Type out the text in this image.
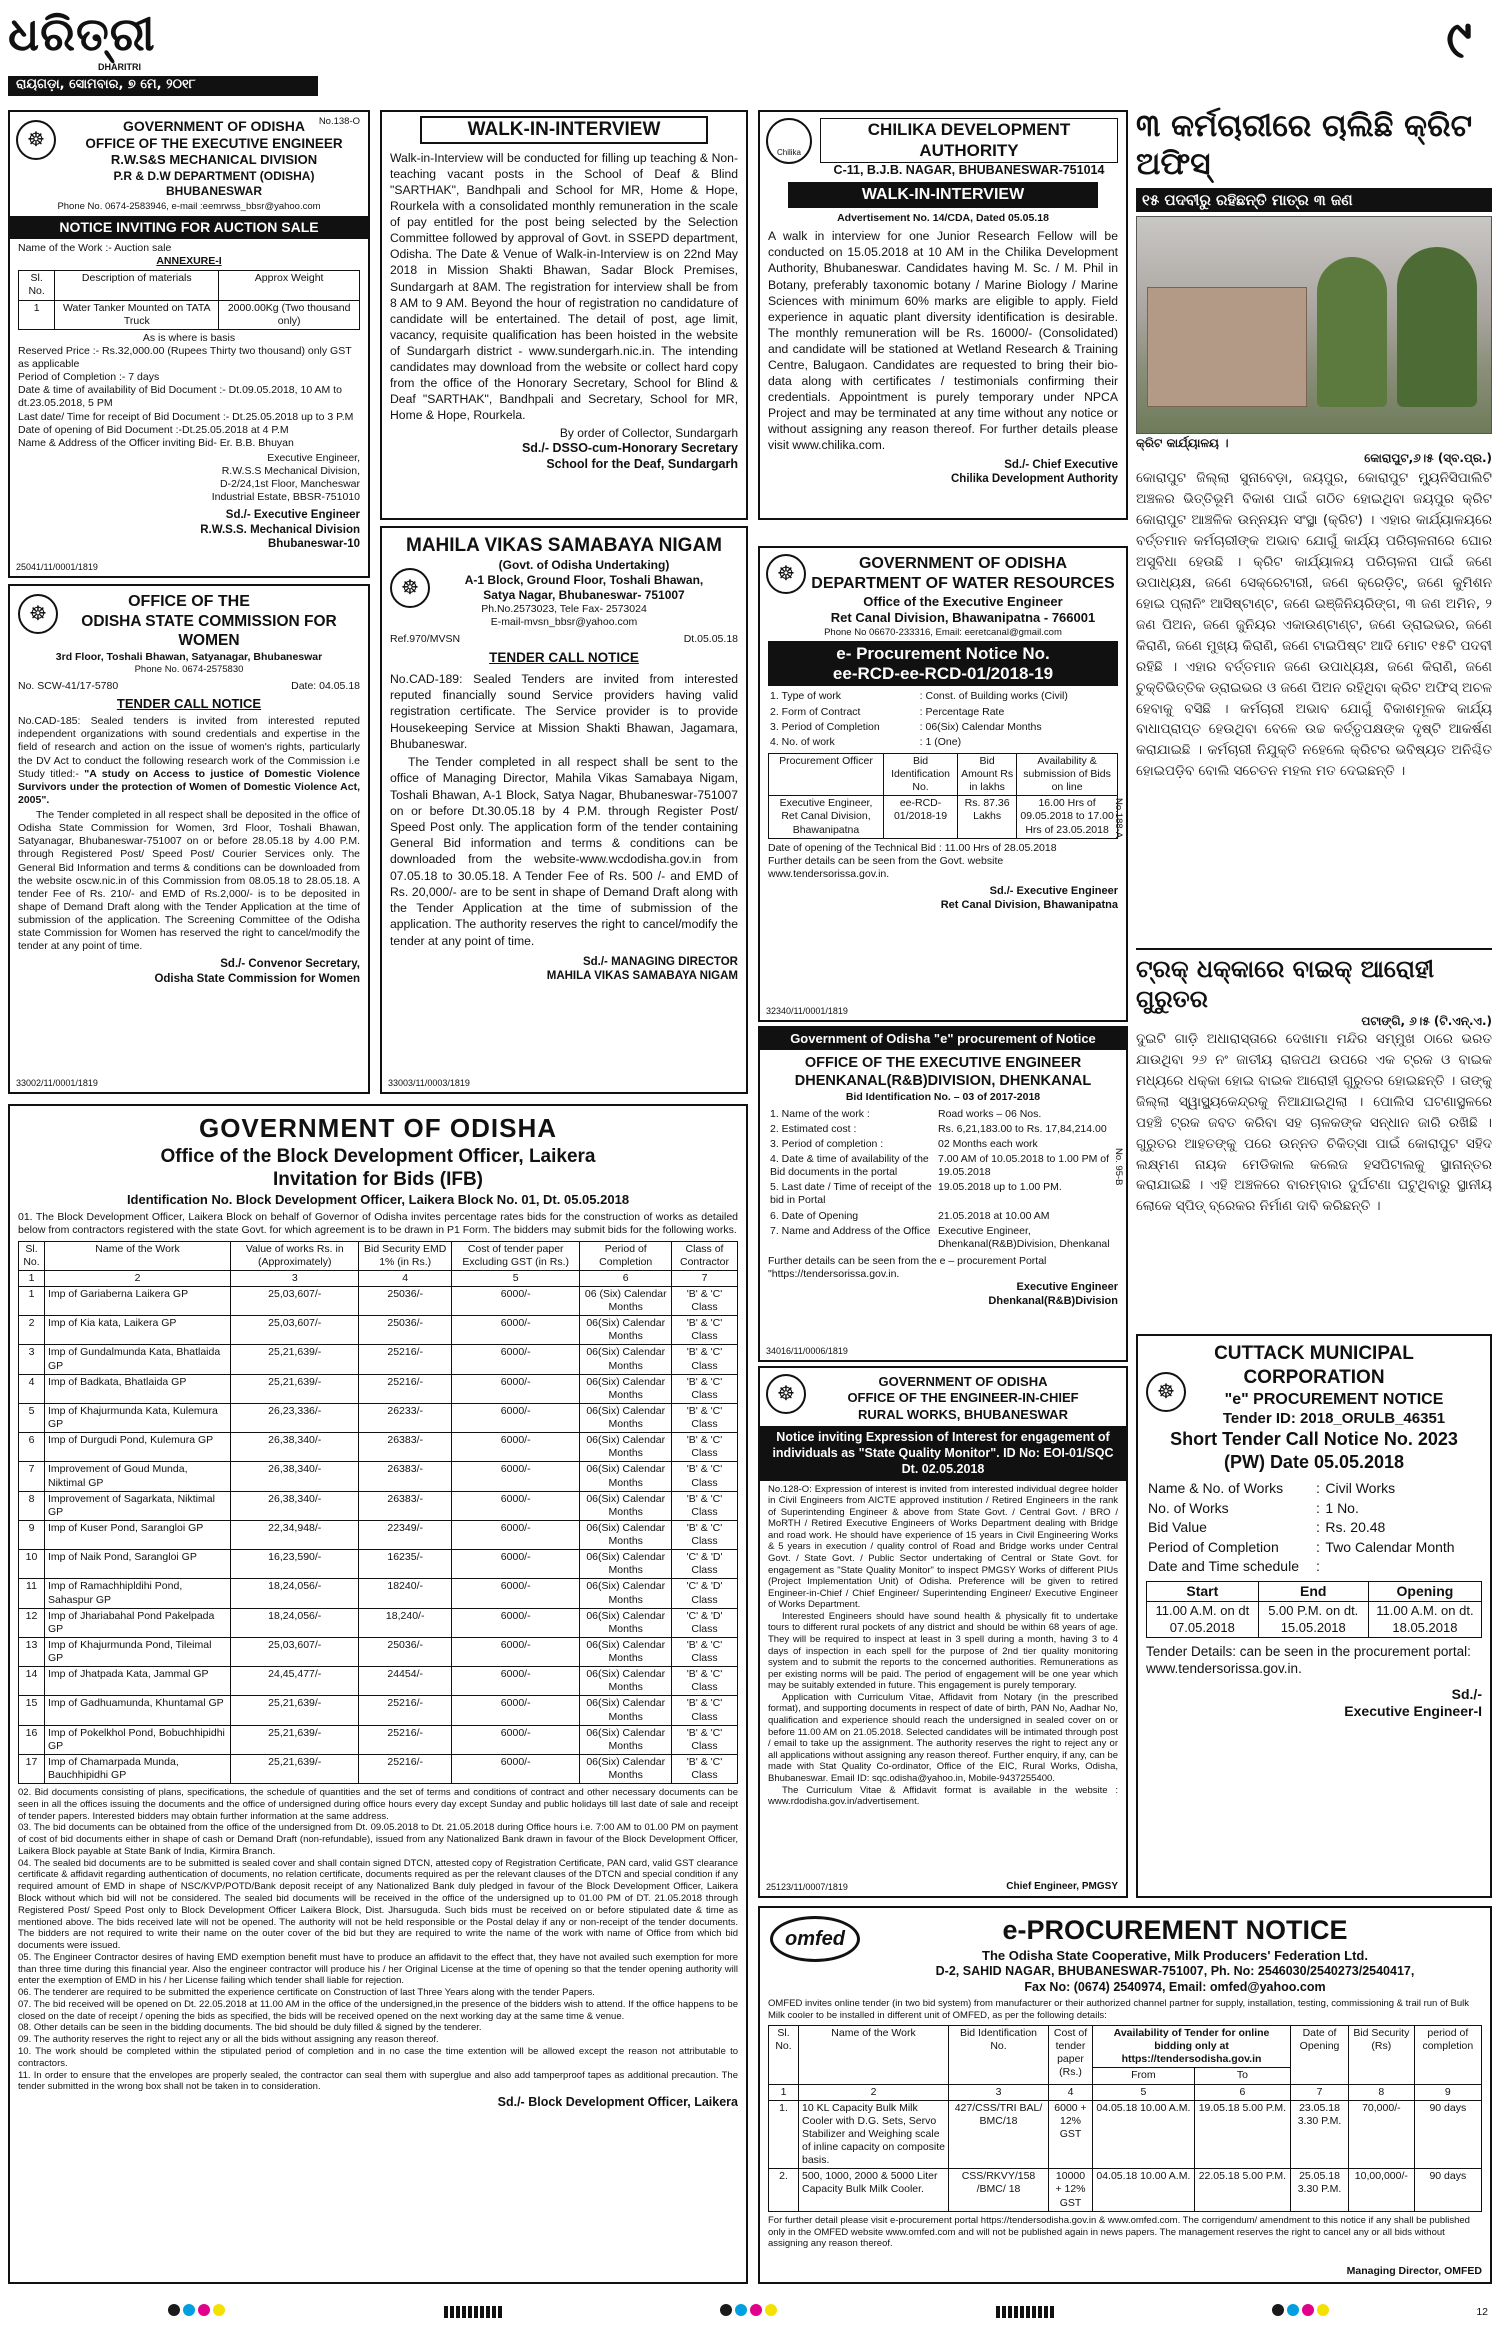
ଧରିତ୍ରୀ
DHARITRI
ରାୟଗଡ଼ା, ସୋମବାର, ୭ ମେ, ୨୦୧୮
୯
☸
No.138-O
GOVERNMENT OF ODISHA
OFFICE OF THE EXECUTIVE ENGINEER
R.W.S&S MECHANICAL DIVISION
P.R & D.W DEPARTMENT (ODISHA) BHUBANESWAR
Phone No. 0674-2583946, e-mail :eemrwss_bbsr@yahoo.com
NOTICE INVITING FOR AUCTION SALE
Name of the Work :- Auction sale
ANNEXURE-I
Sl. No.	Description of materials	Approx Weight
1	Water Tanker Mounted on TATA Truck	2000.00Kg (Two thousand only)
As is where is basis
Reserved Price :- Rs.32,000.00 (Rupees Thirty two thousand) only GST as applicable
Period of Completion :- 7 days
Date & time of availability of Bid Document :- Dt.09.05.2018, 10 AM to dt.23.05.2018, 5 PM
Last date/ Time for receipt of Bid Document :- Dt.25.05.2018 up to 3 P.M
Date of opening of Bid Document :-Dt.25.05.2018 at 4 P.M
Name & Address of the Officer inviting Bid- Er. B.B. Bhuyan
Executive Engineer,
R.W.S.S Mechanical Division,
D-2/24,1st Floor, Mancheswar
Industrial Estate, BBSR-751010
Sd./- Executive Engineer
R.W.S.S. Mechanical Division
Bhubaneswar-10
25041/11/0001/1819
☸
OFFICE OF THE
ODISHA STATE COMMISSION FOR WOMEN
3rd Floor, Toshali Bhawan, Satyanagar, Bhubaneswar
Phone No. 0674-2575830
No. SCW-41/17-5780	Date: 04.05.18
TENDER CALL NOTICE
No.CAD-185: Sealed tenders is invited from interested reputed independent organizations with sound credentials and expertise in the field of research and action on the issue of women's rights, particularly the DV Act to conduct the following research work of the Commission i.e Study titled:- "A study on Access to justice of Domestic Violence Survivors under the protection of Women of Domestic Violence Act, 2005".
The Tender completed in all respect shall be deposited in the office of Odisha State Commission for Women, 3rd Floor, Toshali Bhawan, Satyanagar, Bhubaneswar-751007 on or before 28.05.18 by 4.00 P.M. through Registered Post/ Speed Post/ Courier Services only. The General Bid Information and terms & conditions can be downloaded from the website oscw.nic.in of this Commission from 08.05.18 to 28.05.18. A tender Fee of Rs. 210/- and EMD of Rs.2,000/- is to be deposited in shape of Demand Draft along with the Tender Application at the time of submission of the application. The Screening Committee of the Odisha state Commission for Women has reserved the right to cancel/modify the tender at any point of time.
Sd./- Convenor Secretary,
Odisha State Commission for Women
33002/11/0001/1819
WALK-IN-INTERVIEW
Walk-in-Interview will be conducted for filling up teaching & Non-teaching vacant posts in the School of Deaf & Blind "SARTHAK", Bandhpali and School for MR, Home & Hope, Rourkela with a consolidated monthly remuneration in the scale of pay entitled for the post being selected by the Selection Committee followed by approval of Govt. in SSEPD department, Odisha. The Date & Venue of Walk-in-Interview is on 22nd May 2018 in Mission Shakti Bhawan, Sadar Block Premises, Sundargarh at 8AM. The registration for interview shall be from 8 AM to 9 AM. Beyond the hour of registration no candidature of candidate will be entertained. The detail of post, age limit, vacancy, requisite qualification has been hoisted in the website of Sundargarh district - www.sundergarh.nic.in. The intending candidates may download from the website or collect hard copy from the office of the Honorary Secretary, School for Blind & Deaf "SARTHAK", Bandhpali and Secretary, School for MR, Home & Hope, Rourkela.
By order of Collector, Sundargarh
Sd./- DSSO-cum-Honorary Secretary
School for the Deaf, Sundargarh
MAHILA VIKAS SAMABAYA NIGAM
☸
(Govt. of Odisha Undertaking)
A-1 Block, Ground Floor, Toshali Bhawan,
Satya Nagar, Bhubaneswar- 751007
Ph.No.2573023, Tele Fax- 2573024
E-mail-mvsn_bbsr@yahoo.com
Ref.970/MVSN	Dt.05.05.18
TENDER CALL NOTICE
No.CAD-189: Sealed Tenders are invited from interested reputed financially sound Service providers having valid registration certificate. The Service provider is to provide Housekeeping Service at Mission Shakti Bhawan, Jagamara, Bhubaneswar.
The Tender completed in all respect shall be sent to the office of Managing Director, Mahila Vikas Samabaya Nigam, Toshali Bhawan, A-1 Block, Satya Nagar, Bhubaneswar-751007 on or before Dt.30.05.18 by 4 P.M. through Register Post/ Speed Post only. The application form of the tender containing General Bid information and terms & conditions can be downloaded from the website-www.wcdodisha.gov.in from 07.05.18 to 30.05.18. A Tender Fee of Rs. 500 /- and EMD of Rs. 20,000/- are to be sent in shape of Demand Draft along with the Tender Application at the time of submission of the application. The authority reserves the right to cancel/modify the tender at any point of time.
Sd./- MANAGING DIRECTOR
MAHILA VIKAS SAMABAYA NIGAM
33003/11/0003/1819
Chilika
CHILIKA DEVELOPMENT AUTHORITY
C-11, B.J.B. NAGAR, BHUBANESWAR-751014
WALK-IN-INTERVIEW
Advertisement No. 14/CDA, Dated 05.05.18
A walk in interview for one Junior Research Fellow will be conducted on 15.05.2018 at 10 AM in the Chilika Development Authority, Bhubaneswar. Candidates having M. Sc. / M. Phil in Botany, preferably taxonomic botany / Marine Biology / Marine Sciences with minimum 60% marks are eligible to apply. Field experience in aquatic plant diversity identification is desirable. The monthly remuneration will be Rs. 16000/- (Consolidated) and candidate will be stationed at Wetland Research & Training Centre, Balugaon. Candidates are requested to bring their bio-data along with certificates / testimonials confirming their credentials. Appointment is purely temporary under NPCA Project and may be terminated at any time without any notice or without assigning any reason thereof. For further details please visit www.chilika.com.
Sd./- Chief Executive
Chilika Development Authority
☸	GOVERNMENT OF ODISHA
DEPARTMENT OF WATER RESOURCES
Office of the Executive Engineer
Ret Canal Division, Bhawanipatna - 766001
Phone No 06670-233316, Email: eeretcanal@gmail.com
e- Procurement Notice No.
ee-RCD-ee-RCD-01/2018-19
1. Type of work	: Const. of Building works (Civil)
2. Form of Contract	: Percentage Rate
3. Period of Completion	: 06(Six) Calendar Months
4. No. of work	: 1 (One)
Procurement Officer	Bid Identification No.	Bid Amount Rs in lakhs	Availability & submission of Bids on line
Executive Engineer, Ret Canal Division, Bhawanipatna	ee-RCD-01/2018-19	Rs. 87.36 Lakhs	16.00 Hrs of 09.05.2018 to 17.00 Hrs of 23.05.2018
Date of opening of the Technical Bid : 11.00 Hrs of 28.05.2018
Further details can be seen from the Govt. website www.tendersorissa.gov.in.
Sd./- Executive Engineer
Ret Canal Division, Bhawanipatna
32340/11/0001/1819
No.188-A
Government of Odisha "e" procurement of Notice
OFFICE OF THE EXECUTIVE ENGINEER
DHENKANAL(R&B)DIVISION, DHENKANAL
Bid Identification No. – 03 of 2017-2018
1. Name of the work :	Road works – 06 Nos.
2. Estimated cost :	Rs. 6,21,183.00 to Rs. 17,84,214.00
3. Period of completion :	02 Months each work
4. Date & time of availability of the Bid documents in the portal	7.00 AM of 10.05.2018 to 1.00 PM of 19.05.2018
5. Last date / Time of receipt of the bid in Portal	19.05.2018 up to 1.00 PM.
6. Date of Opening	21.05.2018 at 10.00 AM
7. Name and Address of the Office	Executive Engineer, Dhenkanal(R&B)Division, Dhenkanal
Further details can be seen from the e – procurement Portal "https://tendersorissa.gov.in.
Executive Engineer
Dhenkanal(R&B)Division
34016/11/0006/1819
No. 95-B
☸
GOVERNMENT OF ODISHA
OFFICE OF THE ENGINEER-IN-CHIEF
RURAL WORKS, BHUBANESWAR
Notice inviting Expression of Interest for engagement of individuals as "State Quality Monitor". ID No: EOI-01/SQC Dt. 02.05.2018
No.128-O: Expression of interest is invited from interested individual degree holder in Civil Engineers from AICTE approved institution / Retired Engineers in the rank of Superintending Engineer & above from State Govt. / Central Govt. / BRO / MoRTH / Retired Executive Engineers of Works Department dealing with Bridge and road work. He should have experience of 15 years in Civil Engineering Works & 5 years in execution / quality control of Road and Bridge works under Central Govt. / State Govt. / Public Sector undertaking of Central or State Govt. for engagement as "State Quality Monitor" to inspect PMGSY Works of different PIUs (Project Implementation Unit) of Odisha. Preference will be given to retired Engineer-in-Chief / Chief Engineer/ Superintending Engineer/ Executive Engineer of Works Department.
Interested Engineers should have sound health & physically fit to undertake tours to different rural pockets of any district and should be within 68 years of age. They will be required to inspect at least in 3 spell during a month, having 3 to 4 days of inspection in each spell for the purpose of 2nd tier quality monitoring system and to submit the reports to the concerned authorities. Remunerations as per existing norms will be paid. The period of engagement will be one year which may be suitably extended in future. This engagement is purely temporary.
Application with Curriculum Vitae, Affidavit from Notary (in the prescribed format), and supporting documents in respect of date of birth, PAN No, Aadhar No, qualification and experience should reach the undersigned in sealed cover on or before 11.00 AM on 21.05.2018. Selected candidates will be intimated through post / email to take up the assignment. The authority reserves the right to reject any or all applications without assigning any reason thereof. Further enquiry, if any, can be made with Stat Quality Co-ordinator, Office of the EIC, Rural Works, Odisha, Bhubaneswar. Email ID: sqc.odisha@yahoo.in, Mobile-9437255400.
The Curriculum Vitae & Affidavit format is available in the website : www.rdodisha.gov.in/advertisement.
25123/11/0007/1819	Chief Engineer, PMGSY
୩ କର୍ମଚାରୀରେ ଚାଲିଛି କ୍ରିଟ ଅଫିସ୍‌
୧୫ ପଦବୀରୁ ରହିଛନ୍ତି ମାତ୍ର ୩ ଜଣ
କ୍ରିଟ କାର୍ଯ୍ୟାଳୟ ।
କୋରାପୁଟ,୬।୫ (ସ୍ବ.ପ୍ର.)
କୋରାପୁଟ ଜିଲ୍ଲା ସୁନାବେଡ଼ା, ଜୟପୁର, କୋରାପୁଟ ମ୍ୟୁନିସିପାଲିଟି ଅଞ୍ଚଳର ଭିତ୍ତିଭୂମି ବିକାଶ ପାଇଁ ଗଠିତ ହୋଇଥିବା ଜୟପୁର କ୍ରିଟ କୋରାପୁଟ ଆଞ୍ଚଳିକ ଉନ୍ନୟନ ସଂସ୍ଥା (କ୍ରିଟ) । ଏହାର କାର୍ଯ୍ୟାଳୟରେ ବର୍ତ୍ତମାନ କର୍ମଚାରୀଙ୍କ ଅଭାବ ଯୋଗୁଁ କାର୍ଯ୍ୟ ପରିଚାଳନାରେ ଘୋର ଅସୁବିଧା ହେଉଛି । କ୍ରିଟ କାର୍ଯ୍ୟାଳୟ ପରିଚାଳନା ପାଇଁ ଜଣେ ଉପାଧ୍ୟକ୍ଷ, ଜଣେ ସେକ୍ରେଟାରୀ, ଜଣେ କ୍ରେଡ଼ିଟ୍, ଜଣେ କୁମିଶନ ହୋଇ ପ୍ଲାନିଂ ଆସିଷ୍ଟାଣ୍ଟ, ଜଣେ ଇଞ୍ଜିନିୟରିଙ୍ଗ, ୩ ଜଣ ଅମିନ, ୨ ଜଣ ପିଅନ, ଜଣେ ଜୁନିୟର ଏକାଉଣ୍ଟାଣ୍ଟ, ଜଣେ ଡ୍ରାଇଭର, ଜଣେ କିରାଣି, ଜଣେ ମୁଖ୍ୟ କିରାଣି, ଜଣେ ଟାଇପିଷ୍ଟ ଆଦି ମୋଟ ୧୫ଟି ପଦବୀ ରହିଛି । ଏହାର ବର୍ତ୍ତମାନ ଜଣେ ଉପାଧ୍ୟକ୍ଷ, ଜଣେ କିରାଣି, ଜଣେ ଚୁକ୍ତିଭିତ୍ତିକ ଡ୍ରାଇଭର ଓ ଜଣେ ପିଅନ ରହିଥିବା କ୍ରିଟ ଅଫିସ୍ ଅଚଳ ହେବାକୁ ବସିଛି । କର୍ମଚାରୀ ଅଭାବ ଯୋଗୁଁ ବିକାଶମୂଳକ କାର୍ଯ୍ୟ ବାଧାପ୍ରାପ୍ତ ହେଉଥିବା ବେଳେ ଉଚ୍ଚ କର୍ତ୍ତୃପକ୍ଷଙ୍କ ଦୃଷ୍ଟି ଆକର୍ଷଣ କରାଯାଇଛି । କର୍ମଚାରୀ ନିଯୁକ୍ତି ନହେଲେ କ୍ରିଟର ଭବିଷ୍ୟତ ଅନିଶ୍ଚିତ ହୋଇପଡ଼ିବ ବୋଲି ସଚେତନ ମହଲ ମତ ଦେଇଛନ୍ତି ।
ଟ୍ରକ୍ ଧକ୍କାରେ ବାଇକ୍ ଆରୋହୀ ଗୁରୁତର
ପଟାଙ୍ଗି, ୬।୫ (ଟି.ଏନ୍.ଏ.)
ଦୁଇଟି ଗାଡ଼ି ଅଧାରାସ୍ତାରେ ଦେଖାମା ମନ୍ଦିର ସମ୍ମୁଖ ଠାରେ ଭରତ ଯାଉଥିବା ୨୬ ନଂ ଜାତୀୟ ରାଜପଥ ଉପରେ ଏକ ଟ୍ରକ ଓ ବାଇକ ମଧ୍ୟରେ ଧକ୍କା ହୋଇ ବାଇକ ଆରୋହୀ ଗୁରୁତର ହୋଇଛନ୍ତି । ତାଙ୍କୁ ଜିଲ୍ଲା ସ୍ୱାସ୍ଥ୍ୟକେନ୍ଦ୍ରକୁ ନିଆଯାଇଥିଲା । ପୋଲିସ ଘଟଣାସ୍ଥଳରେ ପହଞ୍ଚି ଟ୍ରକ ଜବତ କରିବା ସହ ଚାଳକଙ୍କ ସନ୍ଧାନ ଜାରି ରଖିଛି । ଗୁରୁତର ଆହତଙ୍କୁ ପରେ ଉନ୍ନତ ଚିକିତ୍ସା ପାଇଁ କୋରାପୁଟ ସହିଦ ଲକ୍ଷ୍ମଣ ନାୟକ ମେଡିକାଲ କଲେଜ ହସପିଟାଲକୁ ସ୍ଥାନାନ୍ତର କରାଯାଇଛି । ଏହି ଅଞ୍ଚଳରେ ବାରମ୍ବାର ଦୁର୍ଘଟଣା ଘଟୁଥିବାରୁ ସ୍ଥାନୀୟ ଲୋକେ ସ୍ପିଡ୍ ବ୍ରେକର ନିର୍ମାଣ ଦାବି କରିଛନ୍ତି ।
CUTTACK MUNICIPAL CORPORATION
☸	"e" PROCUREMENT NOTICE
Tender ID: 2018_ORULB_46351
Short Tender Call Notice No. 2023
(PW) Date 05.05.2018
Name & No. of Works	:	Civil Works
No. of Works	:	1 No.
Bid Value	:	Rs. 20.48
Period of Completion	:	Two Calendar Month
Date and Time schedule	:	
Start	End	Opening
11.00 A.M. on dt 07.05.2018	5.00 P.M. on dt. 15.05.2018	11.00 A.M. on dt. 18.05.2018
Tender Details: can be seen in the procurement portal: www.tendersorissa.gov.in.
Sd./-
Executive Engineer-I
GOVERNMENT OF ODISHA
Office of the Block Development Officer, Laikera
Invitation for Bids (IFB)
Identification No. Block Development Officer, Laikera Block No. 01, Dt. 05.05.2018
01. The Block Development Officer, Laikera Block on behalf of Governor of Odisha invites percentage rates bids for the construction of works as detailed below from contractors registered with the state Govt. for which agreement is to be drawn in P1 Form. The bidders may submit bids for the following works.
Sl. No.	Name of the Work	Value of works Rs. in (Approximately)	Bid Security EMD 1% (in Rs.)	Cost of tender paper Excluding GST (in Rs.)	Period of Completion	Class of Contractor
1	2	3	4	5	6	7
1	Imp of Gariaberna Laikera GP	25,03,607/-	25036/-	6000/-	06 (Six) Calendar Months	'B' & 'C' Class
2	Imp of Kia kata, Laikera GP	25,03,607/-	25036/-	6000/-	06(Six) Calendar Months	'B' & 'C' Class
3	Imp of Gundalmunda Kata, Bhatlaida GP	25,21,639/-	25216/-	6000/-	06(Six) Calendar Months	'B' & 'C' Class
4	Imp of Badkata, Bhatlaida GP	25,21,639/-	25216/-	6000/-	06(Six) Calendar Months	'B' & 'C' Class
5	Imp of Khajurmunda Kata, Kulemura GP	26,23,336/-	26233/-	6000/-	06(Six) Calendar Months	'B' & 'C' Class
6	Imp of Durgudi Pond, Kulemura GP	26,38,340/-	26383/-	6000/-	06(Six) Calendar Months	'B' & 'C' Class
7	Improvement of Goud Munda, Niktimal GP	26,38,340/-	26383/-	6000/-	06(Six) Calendar Months	'B' & 'C' Class
8	Improvement of Sagarkata, Niktimal GP	26,38,340/-	26383/-	6000/-	06(Six) Calendar Months	'B' & 'C' Class
9	Imp of Kuser Pond, Sarangloi GP	22,34,948/-	22349/-	6000/-	06(Six) Calendar Months	'B' & 'C' Class
10	Imp of Naik Pond, Sarangloi GP	16,23,590/-	16235/-	6000/-	06(Six) Calendar Months	'C' & 'D' Class
11	Imp of Ramachhipldihi Pond, Sahaspur GP	18,24,056/-	18240/-	6000/-	06(Six) Calendar Months	'C' & 'D' Class
12	Imp of Jhariabahal Pond Pakelpada GP	18,24,056/-	18,240/-	6000/-	06(Six) Calendar Months	'C' & 'D' Class
13	Imp of Khajurmunda Pond, Tileimal GP	25,03,607/-	25036/-	6000/-	06(Six) Calendar Months	'B' & 'C' Class
14	Imp of Jhatpada Kata, Jammal GP	24,45,477/-	24454/-	6000/-	06(Six) Calendar Months	'B' & 'C' Class
15	Imp of Gadhuamunda, Khuntamal GP	25,21,639/-	25216/-	6000/-	06(Six) Calendar Months	'B' & 'C' Class
16	Imp of Pokelkhol Pond, Bobuchhipidhi GP	25,21,639/-	25216/-	6000/-	06(Six) Calendar Months	'B' & 'C' Class
17	Imp of Chamarpada Munda, Bauchhipidhi GP	25,21,639/-	25216/-	6000/-	06(Six) Calendar Months	'B' & 'C' Class
02. Bid documents consisting of plans, specifications, the schedule of quantities and the set of terms and conditions of contract and other necessary documents can be seen in all the offices issuing the documents and the office of undersigned during office hours every day except Sunday and public holidays till last date of sale and receipt of tender papers. Interested bidders may obtain further information at the same address.
03. The bid documents can be obtained from the office of the undersigned from Dt. 09.05.2018 to Dt. 21.05.2018 during Office hours i.e. 7:00 AM to 01.00 PM on payment of cost of bid documents either in shape of cash or Demand Draft (non-refundable), issued from any Nationalized Bank drawn in favour of the Block Development Officer, Laikera Block payable at State Bank of India, Kirmira Branch.
04. The sealed bid documents are to be submitted is sealed cover and shall contain signed DTCN, attested copy of Registration Certificate, PAN card, valid GST clearance certificate & affidavit regarding authentication of documents, no relation certificate, documents required as per the relevant clauses of the DTCN and special condition if any required amount of EMD in shape of NSC/KVP/POTD/Bank deposit receipt of any Nationalized Bank duly pledged in favour of the Block Development Officer, Laikera Block without which bid will not be considered. The sealed bid documents will be received in the office of the undersigned up to 01.00 PM of DT. 21.05.2018 through Registered Post/ Speed Post only to Block Development Officer Laikera Block, Dist. Jharsuguda. Such bids must be received on or before stipulated date & time as mentioned above. The bids received late will not be opened. The authority will not be held responsible or the Postal delay if any or non-receipt of the tender documents. The bidders are not required to write their name on the outer cover of the bid but they are required to write the name of the work with name of Office from which bid documents were issued.
05. The Engineer Contractor desires of having EMD exemption benefit must have to produce an affidavit to the effect that, they have not availed such exemption for more than three time during this financial year. Also the engineer contractor will produce his / her Original License at the time of opening so that the tender opening authority will enter the exemption of EMD in his / her License failing which tender shall liable for rejection.
06. The tenderer are required to be submitted the experience certificate on Construction of last Three Years along with the tender Papers.
07. The bid received will be opened on Dt. 22.05.2018 at 11.00 AM in the office of the undersigned,in the presence of the bidders wish to attend. If the office happens to be closed on the date of receipt / opening the bids as specified, the bids will be received opened on the next working day at the same time & venue.
08. Other details can be seen in the bidding documents. The bid should be duly filled & signed by the tenderer.
09. The authority reserves the right to reject any or all the bids without assigning any reason thereof.
10. The work should be completed within the stipulated period of completion and in no case the time extention will be allowed except the reason not attributable to contractors.
11. In order to ensure that the envelopes are properly sealed, the contractor can seal them with superglue and also add tamperproof tapes as additional precaution. The tender submitted in the wrong box shall not be taken in to consideration.
Sd./- Block Development Officer, Laikera
omfed	e-PROCUREMENT NOTICE
The Odisha State Cooperative, Milk Producers' Federation Ltd.
D-2, SAHID NAGAR, BHUBANESWAR-751007, Ph. No: 2546030/2540273/2540417,
Fax No: (0674) 2540974, Email: omfed@yahoo.com
OMFED invites online tender (in two bid system) from manufacturer or their authorized channel partner for supply, installation, testing, commissioning & trail run of Bulk Milk cooler to be installed in different unit of OMFED, as per the following details:
Sl. No.	Name of the Work	Bid Identification No.	Cost of tender paper (Rs.)	Availability of Tender for online bidding only at https://tendersodisha.gov.in		Date of Opening	Bid Security (Rs)	period of completion
				From	To			
1	2	3	4	5	6	7	8	9
1.	10 KL Capacity Bulk Milk Cooler with D.G. Sets, Servo Stabilizer and Weighing scale of inline capacity on composite basis.	427/CSS/TRI BAL/ BMC/18	6000 + 12% GST	04.05.18 10.00 A.M.	19.05.18 5.00 P.M.	23.05.18 3.30 P.M.	70,000/-	90 days
2.	500, 1000, 2000 & 5000 Liter Capacity Bulk Milk Cooler.	CSS/RKVY/158 /BMC/ 18	10000 + 12% GST	04.05.18 10.00 A.M.	22.05.18 5.00 P.M.	25.05.18 3.30 P.M.	10,00,000/-	90 days
For further detail please visit e-procurement portal https://tendersodisha.gov.in & www.omfed.com. The corrigendum/ amendment to this notice if any shall be published only in the OMFED website www.omfed.com and will not be published again in news papers. The management reserves the right to cancel any or all bids without assigning any reason thereof.
Managing Director, OMFED
12
